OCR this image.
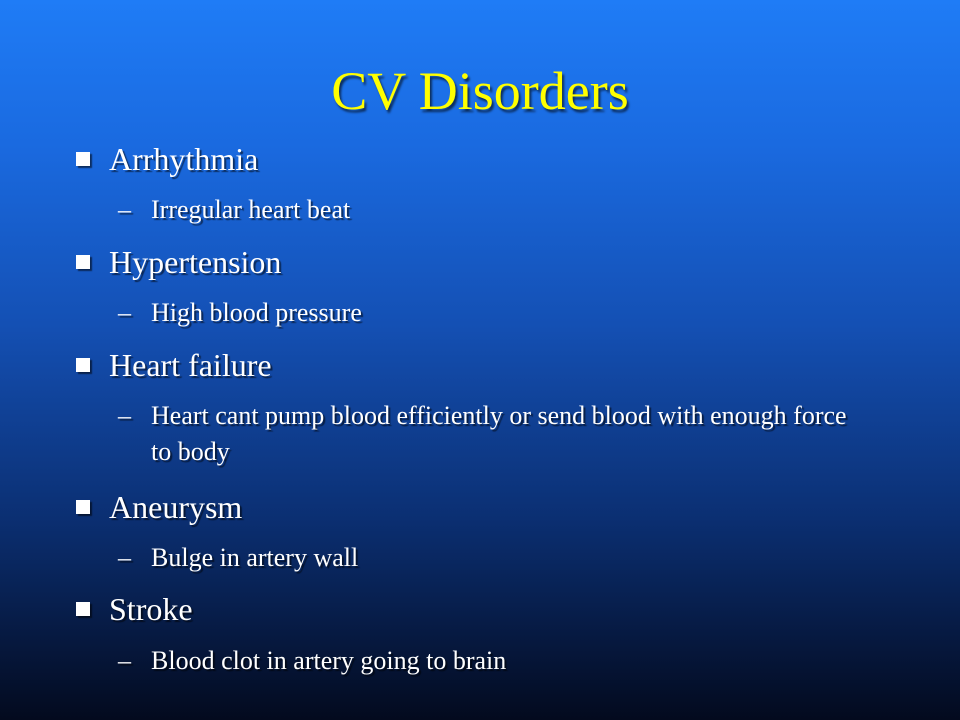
CV Disorders
Arrhythmia
– Irregular heart beat
Hypertension
– High blood pressure
Heart failure
– Heart cant pump blood efficiently or send blood with enough force to body
Aneurysm
– Bulge in artery wall
Stroke
– Blood clot in artery going to brain
